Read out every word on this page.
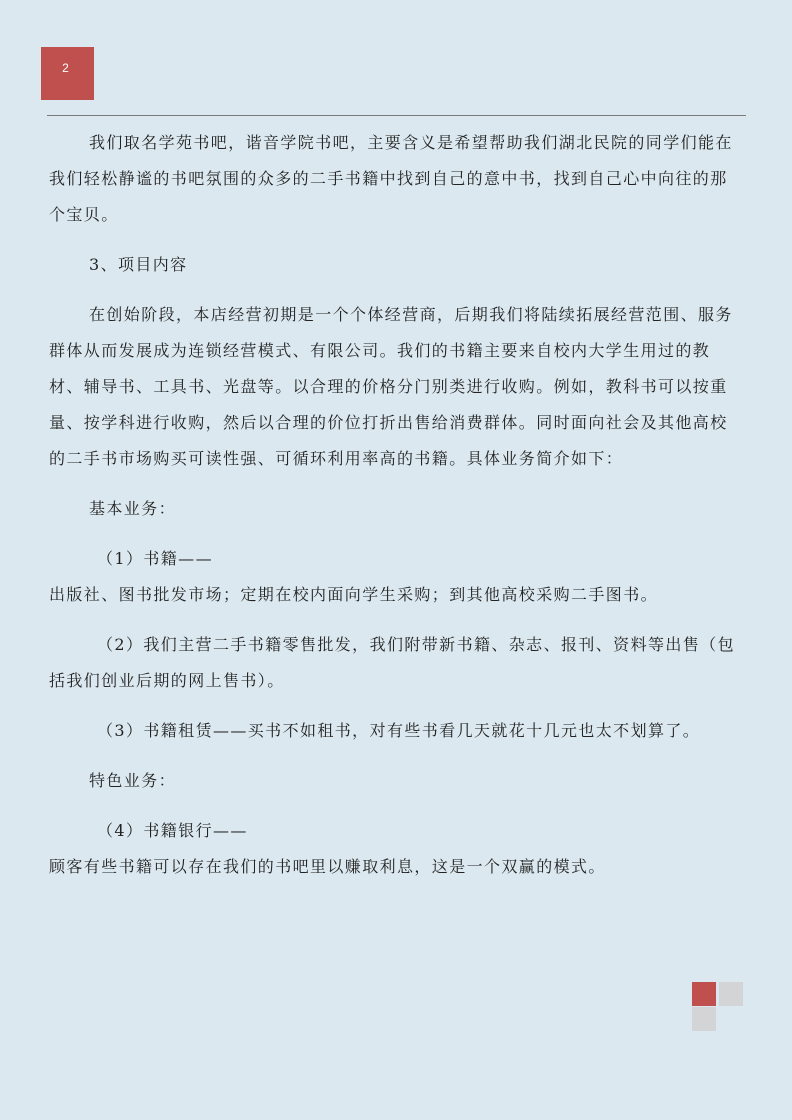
2

我们取名学苑书吧，谐音学院书吧，主要含义是希望帮助我们湖北民院的同学们能在我们轻松静谧的书吧氛围的众多的二手书籍中找到自己的意中书，找到自己心中向往的那个宝贝。

3、项目内容

在创始阶段，本店经营初期是一个个体经营商，后期我们将陆续拓展经营范围、服务群体从而发展成为连锁经营模式、有限公司。我们的书籍主要来自校内大学生用过的教材、辅导书、工具书、光盘等。以合理的价格分门别类进行收购。例如，教科书可以按重量、按学科进行收购，然后以合理的价位打折出售给消费群体。同时面向社会及其他高校的二手书市场购买可读性强、可循环利用率高的书籍。具体业务简介如下：

基本业务：

（1）书籍——

出版社、图书批发市场；定期在校内面向学生采购；到其他高校采购二手图书。

（2）我们主营二手书籍零售批发，我们附带新书籍、杂志、报刊、资料等出售（包括我们创业后期的网上售书）。

（3）书籍租赁——买书不如租书，对有些书看几天就花十几元也太不划算了。

特色业务：

（4）书籍银行——

顾客有些书籍可以存在我们的书吧里以赚取利息，这是一个双赢的模式。
